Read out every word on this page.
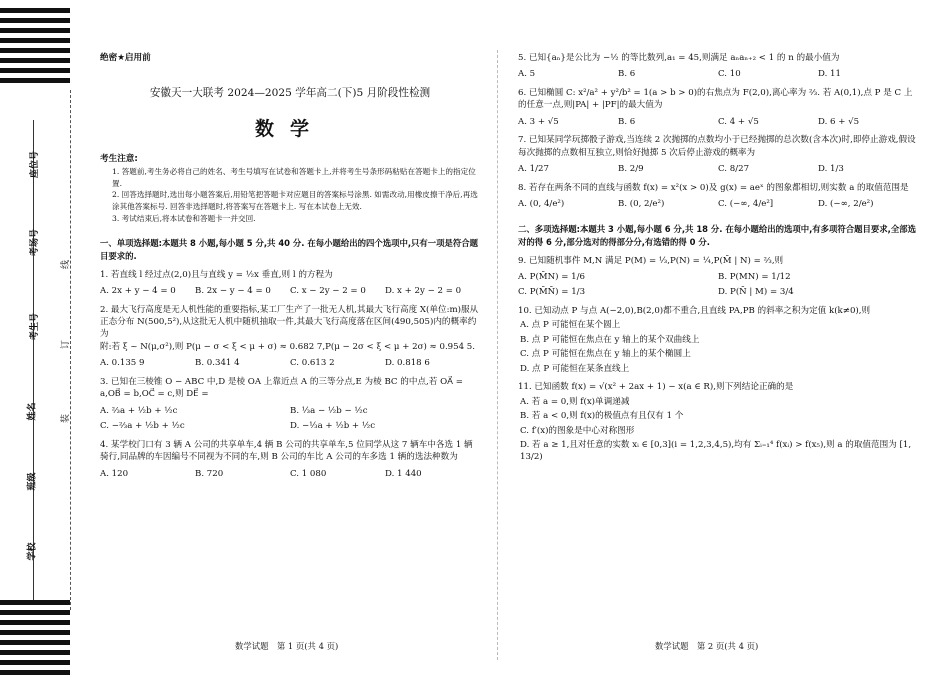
座位号
考场号
考生号
姓名
班级
学校
线
订
装
绝密★启用前
安徽天一大联考 2024—2025 学年高二(下)5 月阶段性检测
数学
考生注意:
1. 答题前,考生务必将自己的姓名、考生号填写在试卷和答题卡上,并将考生号条形码粘贴在答题卡上的指定位置.
2. 回答选择题时,选出每小题答案后,用铅笔把答题卡对应题目的答案标号涂黑. 如需改动,用橡皮擦干净后,再选涂其他答案标号. 回答非选择题时,将答案写在答题卡上. 写在本试卷上无效.
3. 考试结束后,将本试卷和答题卡一并交回.
一、单项选择题:本题共 8 小题,每小题 5 分,共 40 分. 在每小题给出的四个选项中,只有一项是符合题目要求的.
1. 若直线 l 经过点(2,0)且与直线 y = ½x 垂直,则 l 的方程为
A. 2x + y − 4 = 0	B. 2x − y − 4 = 0	C. x − 2y − 2 = 0	D. x + 2y − 2 = 0
2. 最大飞行高度是无人机性能的重要指标,某工厂生产了一批无人机,其最大飞行高度 X(单位:m)服从正态分布 N(500,5²),从这批无人机中随机抽取一件,其最大飞行高度落在区间(490,505)内的概率约为
附:若 ξ ~ N(μ,σ²),则 P(μ − σ < ξ < μ + σ) ≈ 0.682 7,P(μ − 2σ < ξ < μ + 2σ) ≈ 0.954 5.
A. 0.135 9	B. 0.341 4	C. 0.613 2	D. 0.818 6
3. 已知在三棱锥 O − ABC 中,D 是棱 OA 上靠近点 A 的三等分点,E 为棱 BC 的中点,若 OA⃗ = a,OB⃗ = b,OC⃗ = c,则 DE⃗ =
A. ⅔a + ½b + ½c	B. ⅓a − ½b − ½c
C. −⅔a + ½b + ½c	D. −⅓a + ½b + ½c
4. 某学校门口有 3 辆 A 公司的共享单车,4 辆 B 公司的共享单车,5 位同学从这 7 辆车中各选 1 辆骑行,同品牌的车因编号不同视为不同的车,则 B 公司的车比 A 公司的车多选 1 辆的选法种数为
A. 120	B. 720	C. 1 080	D. 1 440
数学试题　第 1 页(共 4 页)
5. 已知{aₙ}是公比为 −½ 的等比数列,a₁ = 45,则满足 aₙaₙ₊₂ < 1 的 n 的最小值为
A. 5	B. 6	C. 10	D. 11
6. 已知椭圆 C: x²/a² + y²/b² = 1(a > b > 0)的右焦点为 F(2,0),离心率为 ⅔. 若 A(0,1),点 P 是 C 上的任意一点,则|PA| + |PF|的最大值为
A. 3 + √5	B. 6	C. 4 + √5	D. 6 + √5
7. 已知某同学玩掷骰子游戏,当连续 2 次抛掷的点数均小于已经抛掷的总次数(含本次)时,即停止游戏,假设每次抛掷的点数相互独立,则恰好抛掷 5 次后停止游戏的概率为
A. 1/27	B. 2/9	C. 8/27	D. 1/3
8. 若存在两条不同的直线与函数 f(x) = x²(x > 0)及 g(x) = aeˣ 的图象都相切,则实数 a 的取值范围是
A. (0, 4/e²)	B. (0, 2/e²)	C. (−∞, 4/e²]	D. (−∞, 2/e²)
二、多项选择题:本题共 3 小题,每小题 6 分,共 18 分. 在每小题给出的选项中,有多项符合题目要求,全部选对的得 6 分,部分选对的得部分分,有选错的得 0 分.
9. 已知随机事件 M,N 满足 P(M) = ⅓,P(N) = ¼,P(M̄ | N) = ⅔,则
A. P(M̄N) = 1/6	B. P(MN) = 1/12
C. P(M̄N̄) = 1/3	D. P(N̄ | M) = 3/4
10. 已知动点 P 与点 A(−2,0),B(2,0)都不重合,且直线 PA,PB 的斜率之积为定值 k(k≠0),则
A. 点 P 可能恒在某个圆上
B. 点 P 可能恒在焦点在 y 轴上的某个双曲线上
C. 点 P 可能恒在焦点在 y 轴上的某个椭圆上
D. 点 P 可能恒在某条直线上
11. 已知函数 f(x) = √(x² + 2ax + 1) − x(a ∈ R),则下列结论正确的是
A. 若 a = 0,则 f(x)单调递减
B. 若 a < 0,则 f(x)的极值点有且仅有 1 个
C. f′(x)的图象是中心对称图形
D. 若 a ≥ 1,且对任意的实数 xᵢ ∈ [0,3](i = 1,2,3,4,5),均有 Σᵢ₌₁⁴ f(xᵢ) > f(x₅),则 a 的取值范围为 [1, 13/2)
数学试题　第 2 页(共 4 页)
